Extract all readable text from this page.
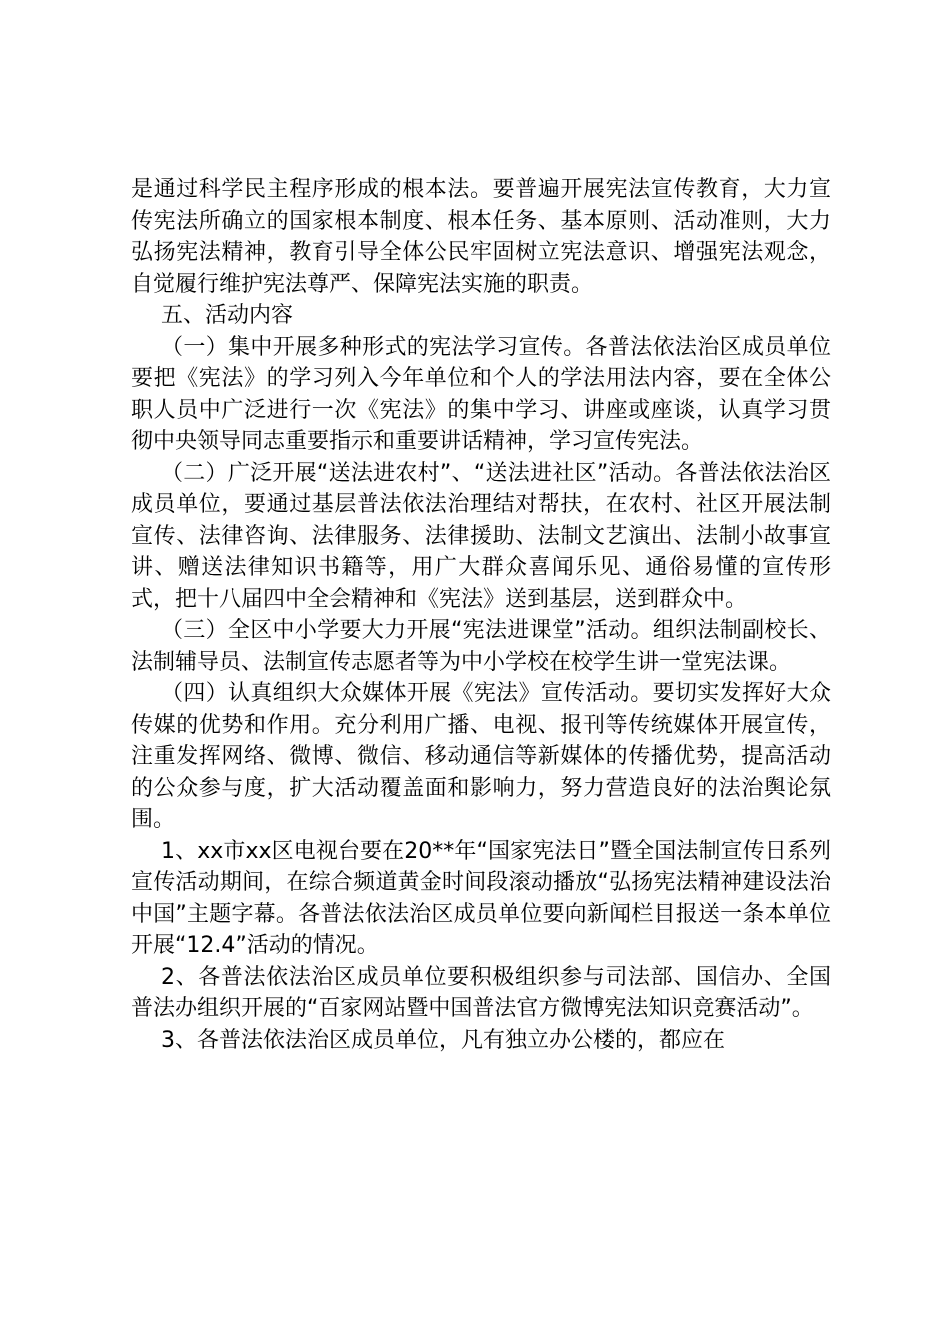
是通过科学民主程序形成的根本法。要普遍开展宪法宣传教育，大力宣传宪法所确立的国家根本制度、根本任务、基本原则、活动准则，大力弘扬宪法精神，教育引导全体公民牢固树立宪法意识、增强宪法观念，自觉履行维护宪法尊严、保障宪法实施的职责。

五、活动内容

（一）集中开展多种形式的宪法学习宣传。各普法依法治区成员单位要把《宪法》的学习列入今年单位和个人的学法用法内容，要在全体公职人员中广泛进行一次《宪法》的集中学习、讲座或座谈，认真学习贯彻中央领导同志重要指示和重要讲话精神，学习宣传宪法。

（二）广泛开展“送法进农村”、“送法进社区”活动。各普法依法治区成员单位，要通过基层普法依法治理结对帮扶，在农村、社区开展法制宣传、法律咨询、法律服务、法律援助、法制文艺演出、法制小故事宣讲、赠送法律知识书籍等，用广大群众喜闻乐见、通俗易懂的宣传形式，把十八届四中全会精神和《宪法》送到基层，送到群众中。

（三）全区中小学要大力开展“宪法进课堂”活动。组织法制副校长、法制辅导员、法制宣传志愿者等为中小学校在校学生讲一堂宪法课。

（四）认真组织大众媒体开展《宪法》宣传活动。要切实发挥好大众传媒的优势和作用。充分利用广播、电视、报刊等传统媒体开展宣传，注重发挥网络、微博、微信、移动通信等新媒体的传播优势，提高活动的公众参与度，扩大活动覆盖面和影响力，努力营造良好的法治舆论氛围。

1、xx市xx区电视台要在20**年“国家宪法日”暨全国法制宣传日系列宣传活动期间，在综合频道黄金时间段滚动播放“弘扬宪法精神建设法治中国”主题字幕。各普法依法治区成员单位要向新闻栏目报送一条本单位开展“12.4”活动的情况。

2、各普法依法治区成员单位要积极组织参与司法部、国信办、全国普法办组织开展的“百家网站暨中国普法官方微博宪法知识竞赛活动”。

3、各普法依法治区成员单位，凡有独立办公楼的，都应在
